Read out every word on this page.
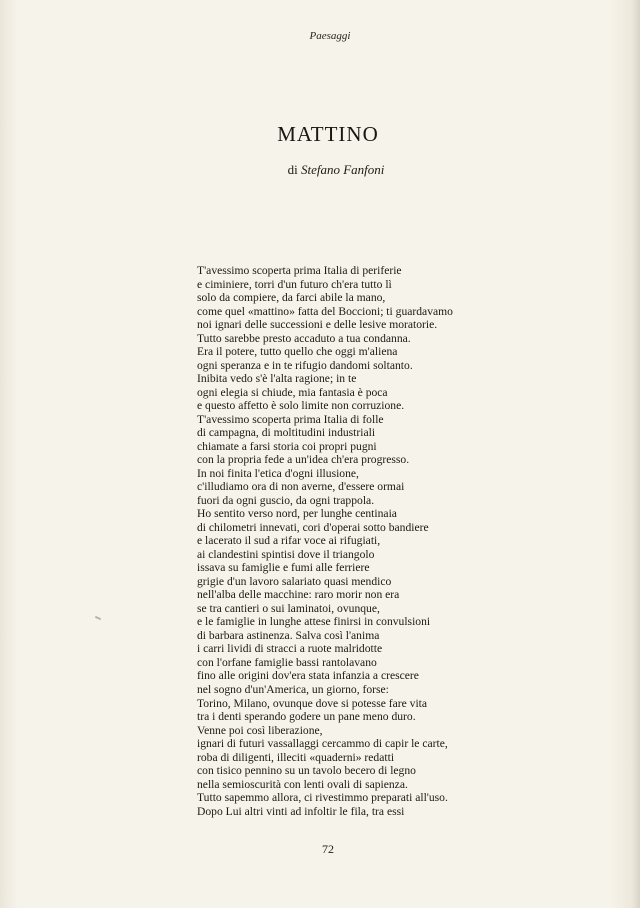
Paesaggi
MATTINO
di Stefano Fanfoni
T'avessimo scoperta prima Italia di periferie
e ciminiere, torri d'un futuro ch'era tutto lì
solo da compiere, da farci abile la mano,
come quel «mattino» fatta del Boccioni; ti guardavamo
noi ignari delle successioni e delle lesive moratorie.
Tutto sarebbe presto accaduto a tua condanna.
Era il potere, tutto quello che oggi m'aliena
ogni speranza e in te rifugio dandomi soltanto.
Inibita vedo s'è l'alta ragione; in te
ogni elegia si chiude, mia fantasia è poca
e questo affetto è solo limite non corruzione.
T'avessimo scoperta prima Italia di folle
di campagna, di moltitudini industriali
chiamate a farsi storia coi propri pugni
con la propria fede a un'idea ch'era progresso.
In noi finita l'etica d'ogni illusione,
c'illudiamo ora di non averne, d'essere ormai
fuori da ogni guscio, da ogni trappola.
Ho sentito verso nord, per lunghe centinaia
di chilometri innevati, cori d'operai sotto bandiere
e lacerato il sud a rifar voce ai rifugiati,
ai clandestini spintisi dove il triangolo
issava su famiglie e fumi alle ferriere
grigie d'un lavoro salariato quasi mendico
nell'alba delle macchine: raro morir non era
se tra cantieri o sui laminatoi, ovunque,
e le famiglie in lunghe attese finirsi in convulsioni
di barbara astinenza. Salva così l'anima
i carri lividi di stracci a ruote malridotte
con l'orfane famiglie bassi rantolavano
fino alle origini dov'era stata infanzia a crescere
nel sogno d'un'America, un giorno, forse:
Torino, Milano, ovunque dove si potesse fare vita
tra i denti sperando godere un pane meno duro.
Venne poi così liberazione,
ignari di futuri vassallaggi cercammo di capir le carte,
roba di diligenti, illeciti «quaderni» redatti
con tisico pennino su un tavolo becero di legno
nella semioscurità con lenti ovali di sapienza.
Tutto sapemmo allora, ci rivestimmo preparati all'uso.
Dopo Lui altri vinti ad infoltir le fila, tra essi
72
